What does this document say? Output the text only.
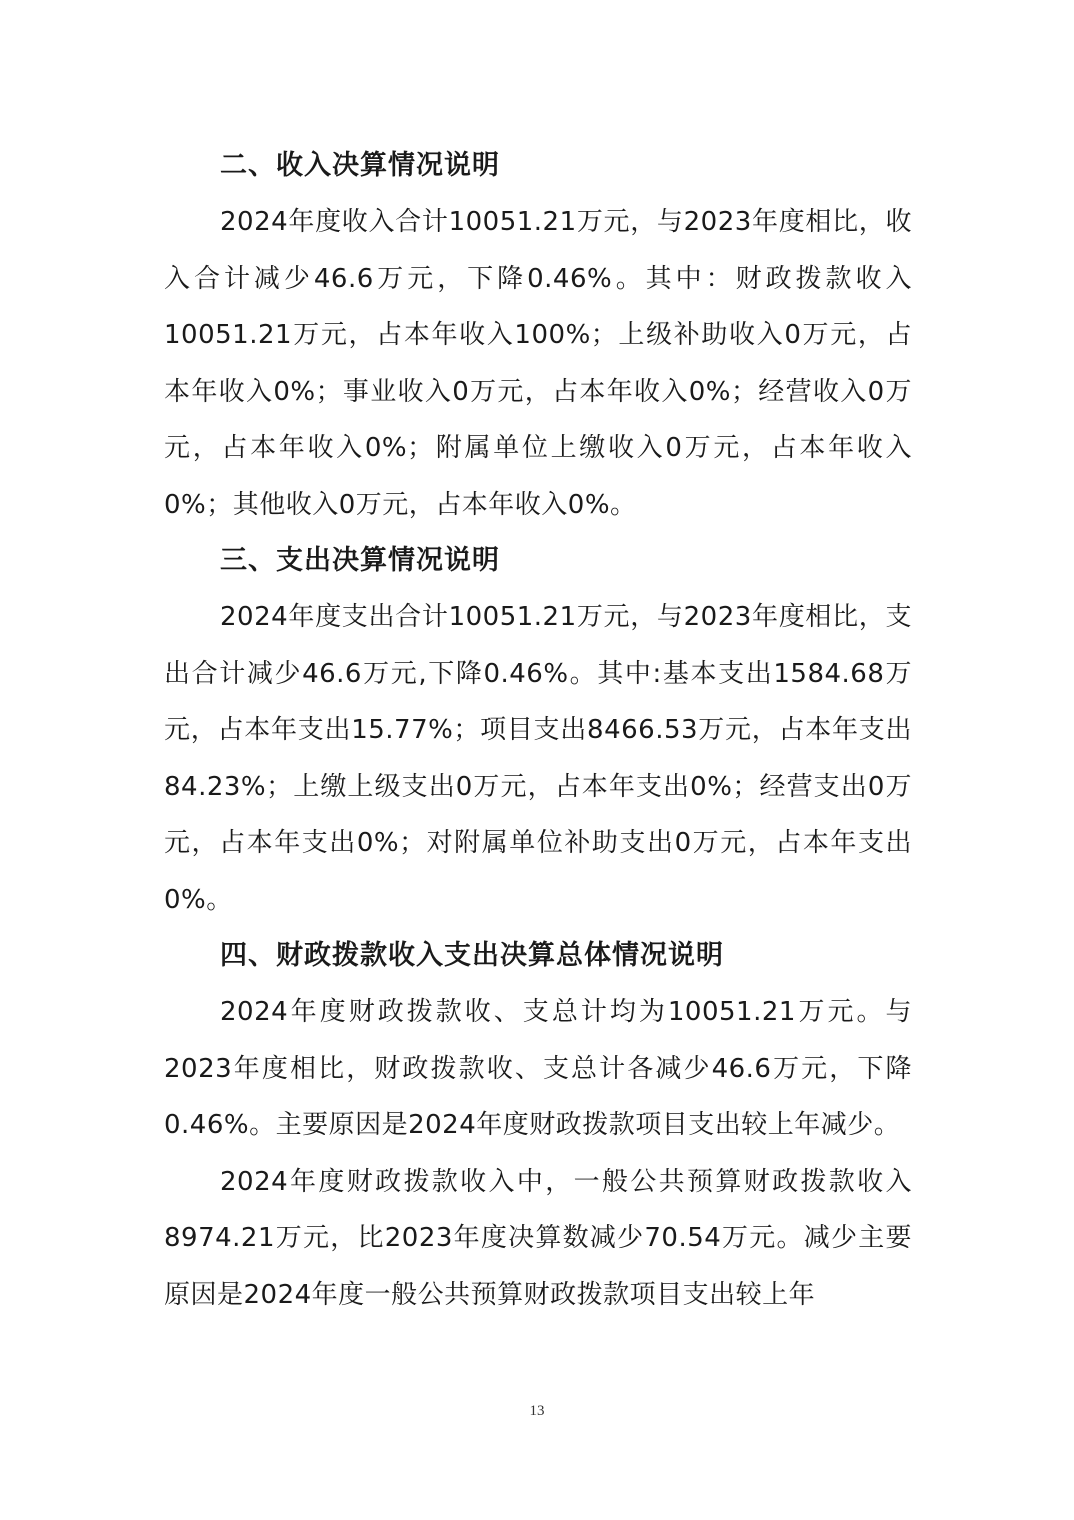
二、收入决算情况说明

2024年度收入合计10051.21万元，与2023年度相比，收入合计减少46.6万元，下降0.46%。其中：财政拨款收入10051.21万元，占本年收入100%；上级补助收入0万元，占本年收入0%；事业收入0万元，占本年收入0%；经营收入0万元，占本年收入0%；附属单位上缴收入0万元，占本年收入0%；其他收入0万元，占本年收入0%。

三、支出决算情况说明

2024年度支出合计10051.21万元，与2023年度相比，支出合计减少46.6万元,下降0.46%。其中:基本支出1584.68万元，占本年支出15.77%；项目支出8466.53万元，占本年支出84.23%；上缴上级支出0万元，占本年支出0%；经营支出0万元，占本年支出0%；对附属单位补助支出0万元，占本年支出0%。

四、财政拨款收入支出决算总体情况说明

2024年度财政拨款收、支总计均为10051.21万元。与2023年度相比，财政拨款收、支总计各减少46.6万元，下降0.46%。主要原因是2024年度财政拨款项目支出较上年减少。

2024年度财政拨款收入中，一般公共预算财政拨款收入8974.21万元，比2023年度决算数减少70.54万元。减少主要原因是2024年度一般公共预算财政拨款项目支出较上年

13
